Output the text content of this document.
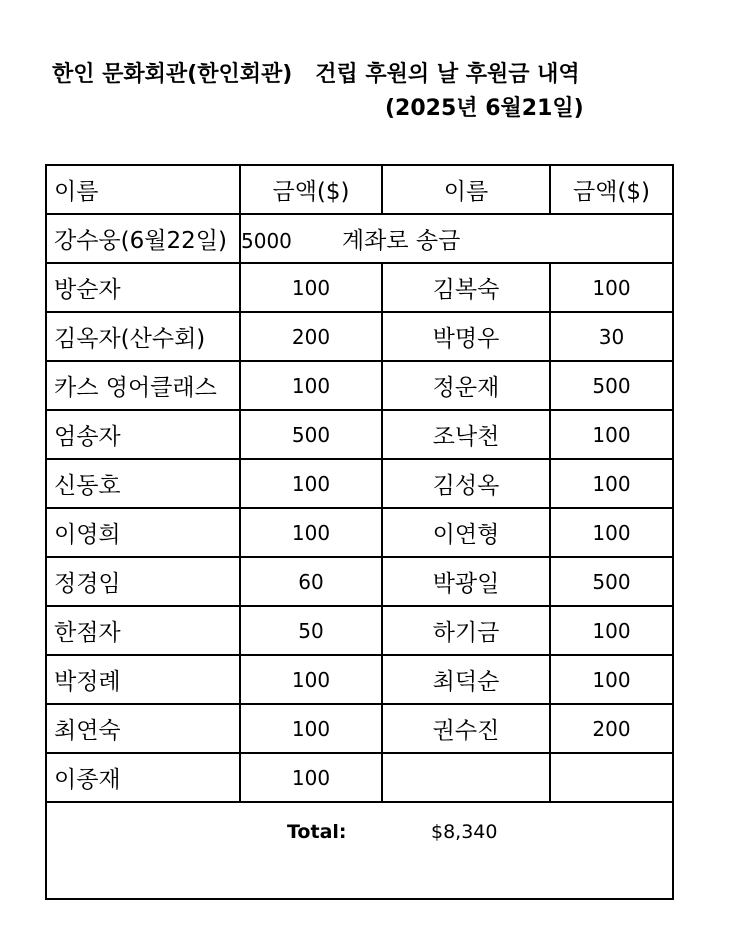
한인 문화회관(한인회관)   건립 후원의 날 후원금 내역
(2025년 6월21일)
이름	금액($)	이름	금액($)
강수웅(6월22일)	5000 계좌로 송금		
방순자	100	김복숙	100
김옥자(산수회)	200	박명우	30
카스 영어클래스	100	정운재	500
엄송자	500	조낙천	100
신동호	100	김성옥	100
이영희	100	이연형	100
정경임	60	박광일	500
한점자	50	하기금	100
박정례	100	최덕순	100
최연숙	100	권수진	200
이종재	100		

Total: $8,340			
